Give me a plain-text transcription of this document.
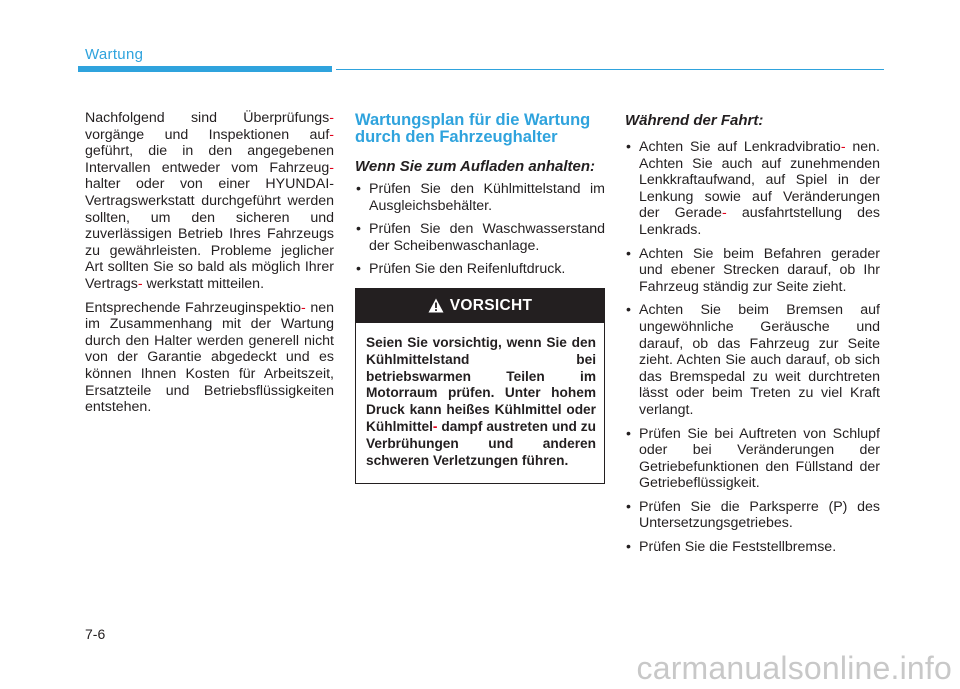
Wartung

Nachfolgend sind Überprüfungs- vorgänge und Inspektionen auf- geführt, die in den angegebenen Intervallen entweder vom Fahrzeug- halter oder von einer HYUNDAI-Vertragswerkstatt durchgeführt werden sollten, um den sicheren und zuverlässigen Betrieb Ihres Fahrzeugs zu gewährleisten. Probleme jeglicher Art sollten Sie so bald als möglich Ihrer Vertrags- werkstatt mitteilen.

Entsprechende Fahrzeuginspektio- nen im Zusammenhang mit der Wartung durch den Halter werden generell nicht von der Garantie abgedeckt und es können Ihnen Kosten für Arbeitszeit, Ersatzteile und Betriebsflüssigkeiten entstehen.

Wartungsplan für die Wartung durch den Fahrzeughalter
Wenn Sie zum Aufladen anhalten:
• Prüfen Sie den Kühlmittelstand im Ausgleichsbehälter.
• Prüfen Sie den Waschwasserstand der Scheibenwaschanlage.
• Prüfen Sie den Reifenluftdruck.
VORSICHT
Seien Sie vorsichtig, wenn Sie den Kühlmittelstand bei betriebswarmen Teilen im Motorraum prüfen. Unter hohem Druck kann heißes Kühlmittel oder Kühlmittel- dampf austreten und zu Verbrühungen und anderen schweren Verletzungen führen.
Während der Fahrt:
• Achten Sie auf Lenkradvibratio- nen. Achten Sie auch auf zunehmenden Lenkkraftaufwand, auf Spiel in der Lenkung sowie auf Veränderungen der Gerade- ausfahrtstellung des Lenkrads.
• Achten Sie beim Befahren gerader und ebener Strecken darauf, ob Ihr Fahrzeug ständig zur Seite zieht.
• Achten Sie beim Bremsen auf ungewöhnliche Geräusche und darauf, ob das Fahrzeug zur Seite zieht. Achten Sie auch darauf, ob sich das Bremspedal zu weit durchtreten lässt oder beim Treten zu viel Kraft verlangt.
• Prüfen Sie bei Auftreten von Schlupf oder bei Veränderungen der Getriebefunktionen den Füllstand der Getriebeflüssigkeit.
• Prüfen Sie die Parksperre (P) des Untersetzungsgetriebes.
• Prüfen Sie die Feststellbremse.
7-6
carmanualsonline.info
